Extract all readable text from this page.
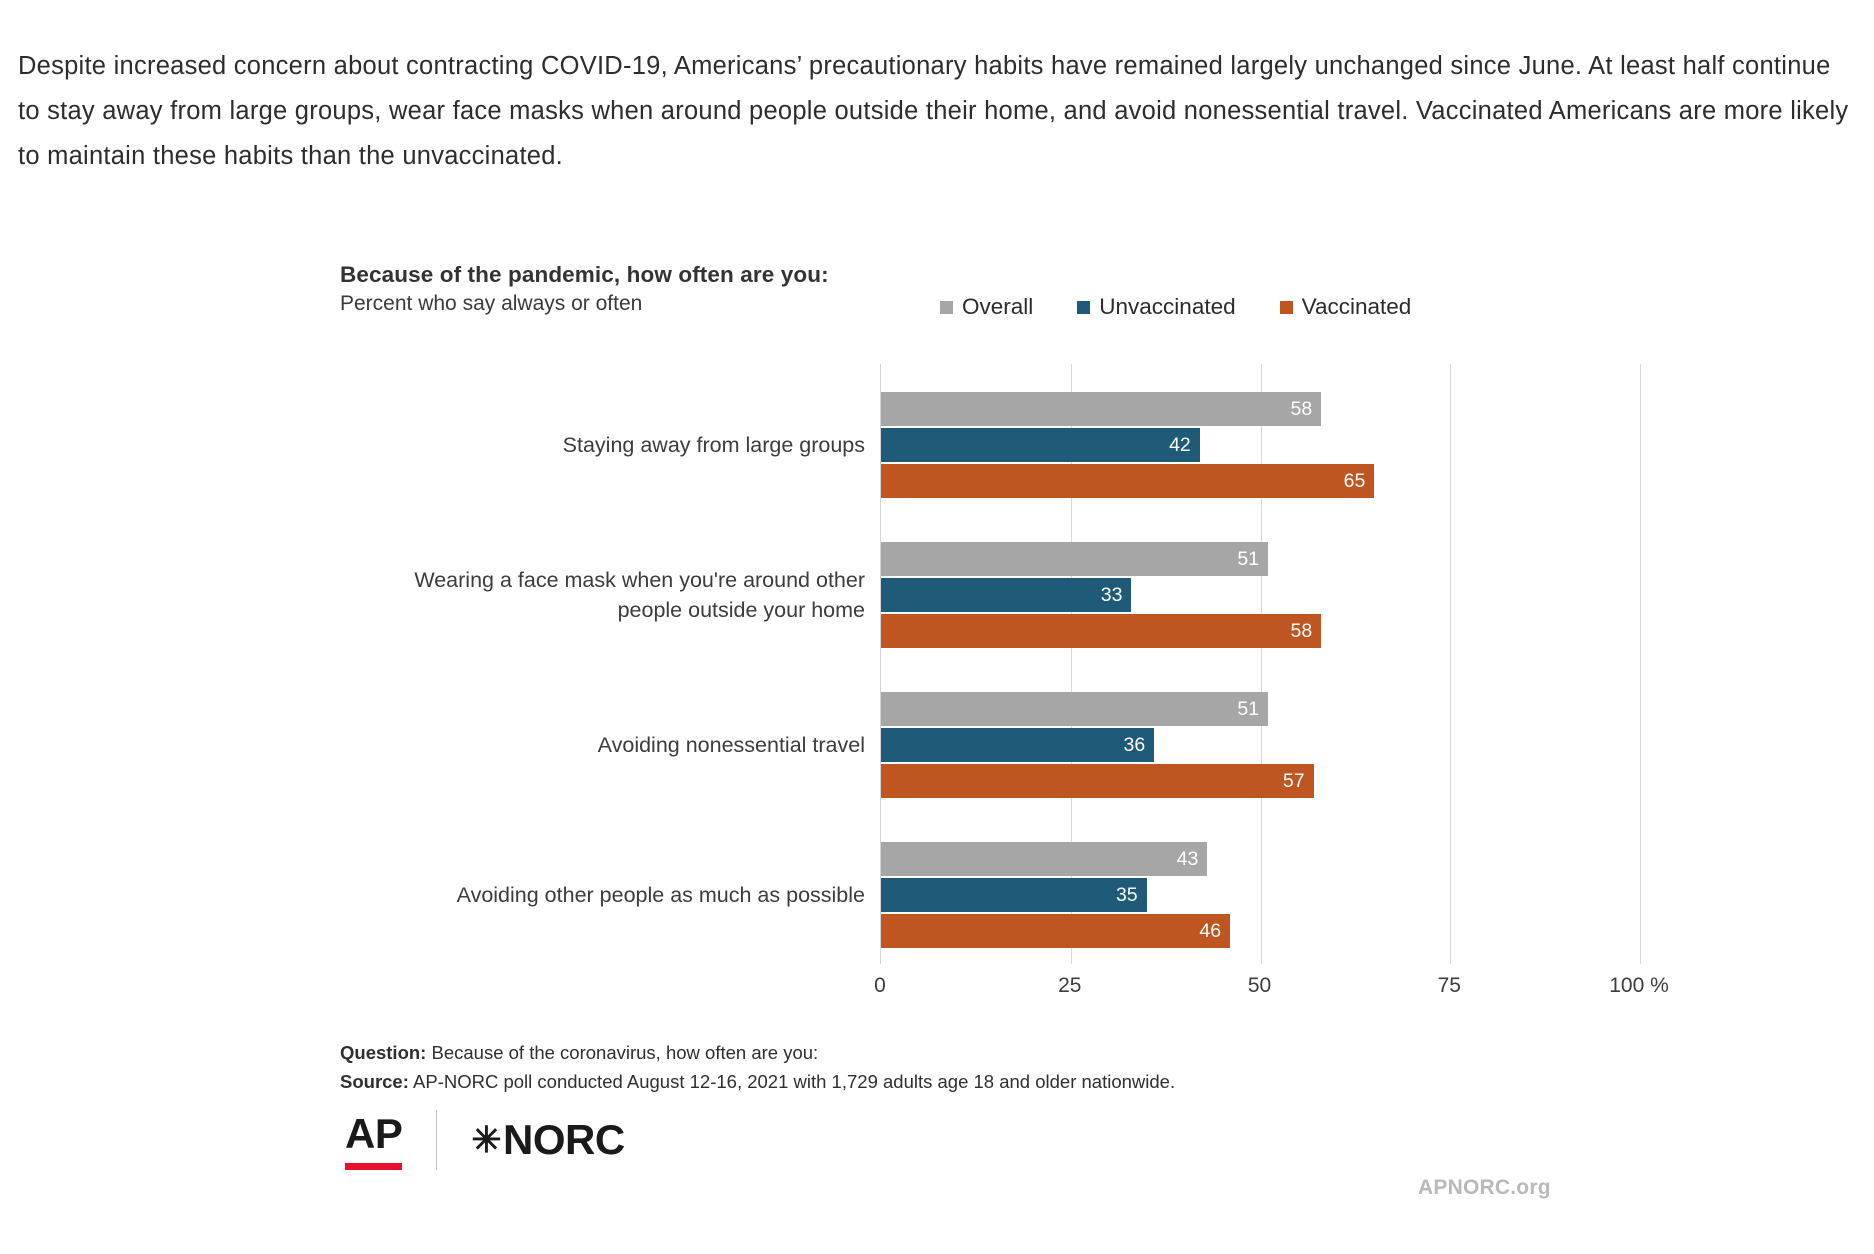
Despite increased concern about contracting COVID-19, Americans’ precautionary habits have remained largely unchanged since June. At least half continue to stay away from large groups, wear face masks when around people outside their home, and avoid nonessential travel. Vaccinated Americans are more likely to maintain these habits than the unvaccinated.

Because of the pandemic, how often are you:
Percent who say always or often	Overall	Unvaccinated	Vaccinated
58
42
65
Staying away from large groups
51
33
58
Wearing a face mask when you're around other people outside your home
51
36
57
Avoiding nonessential travel
43
35
46
Avoiding other people as much as possible
0	25	50	75	100 %
Question: Because of the coronavirus, how often are you:
Source: AP-NORC poll conducted August 12-16, 2021 with 1,729 adults age 18 and older nationwide.
AP ✳ NORC
APNORC.org
